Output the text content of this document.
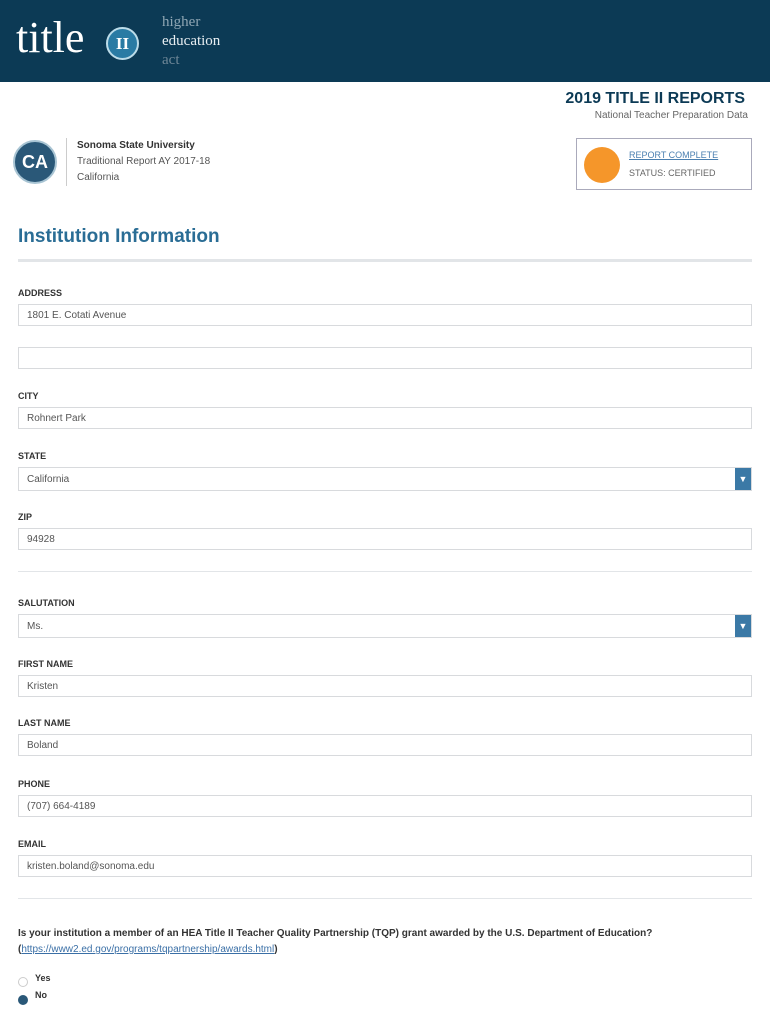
title	II
higher
education
act
2019 TITLE II REPORTS
National Teacher Preparation Data
CA
Sonoma State University
Traditional Report AY 2017-18
California
REPORT COMPLETE
STATUS: CERTIFIED
Institution Information
ADDRESS
1801 E. Cotati Avenue
CITY
Rohnert Park
STATE
California	▼
ZIP
94928
SALUTATION
Ms.	▼
FIRST NAME
Kristen
LAST NAME
Boland
PHONE
(707) 664-4189
EMAIL
kristen.boland@sonoma.edu
Is your institution a member of an HEA Title II Teacher Quality Partnership (TQP) grant awarded by the U.S. Department of Education?
(https://www2.ed.gov/programs/tqpartnership/awards.html)
Yes
No
